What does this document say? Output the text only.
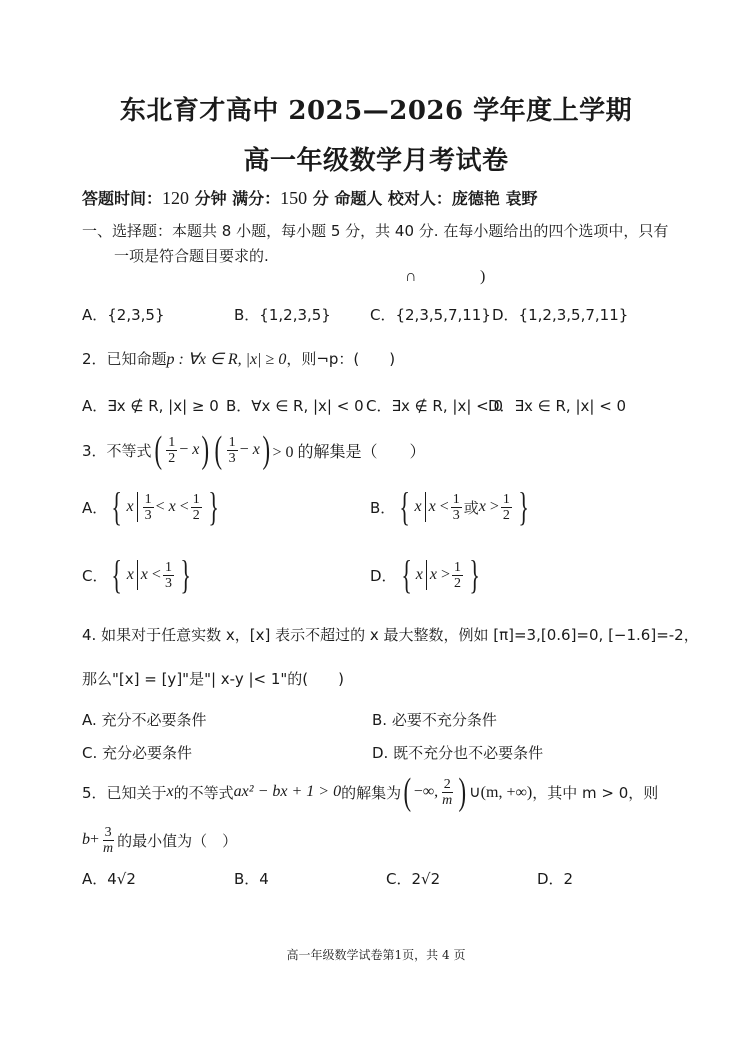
东北育才高中 2025—2026 学年度上学期
高一年级数学月考试卷
答题时间：120 分钟 满分：150 分 命题人 校对人：庞德艳 袁野
一、选择题：本题共 8 小题，每小题 5 分，共 40 分. 在每小题给出的四个选项中，只有
一项是符合题目要求的.
∩	)
A．{2,3,5}	B．{1,2,3,5}	C．{2,3,5,7,11} D．{1,2,3,5,7,11}
2．已知命题p : ∀x ∈ R, |x| ≥ 0，则¬p：(　　)
A．∃x ∉ R, |x| ≥ 0 B．∀x ∈ R, |x| < 0 C．∃x ∉ R, |x| < 0
D．∃x ∈ R, |x| < 0
3．不等式 ( $\frac{1}{2} - x$ ) ( $\frac{1}{3} - x$ ) > 0 的解集是（　　）
A． { x $\frac{1}{3} < x < \frac{1}{2}$ }	B． { x $x < \frac{1}{3}$ 或 $x > \frac{1}{2}$ }
C． { x $x < \frac{1}{3}$ }	D． { x $x > \frac{1}{2}$ }
4. 如果对于任意实数 x，[x] 表示不超过的 x 最大整数，例如 [π]=3,[0.6]=0, [−1.6]=-2，
那么"[x] = [y]"是"| x-y |< 1"的(　　)
A. 充分不必要条件	B. 必要不充分条件
C. 充分必要条件	D. 既不充分也不必要条件
5．已知关于 x 的不等式 ax² − bx + 1 > 0 的解集为 ( −∞, $\frac{2}{m}$ ) ∪(m, +∞) ，其中 m > 0，则
$b + \frac{3}{m}$ 的最小值为（　）
A．4√2	B．4	C．2√2	D．2
高一年级数学试卷第1页，共 4 页
